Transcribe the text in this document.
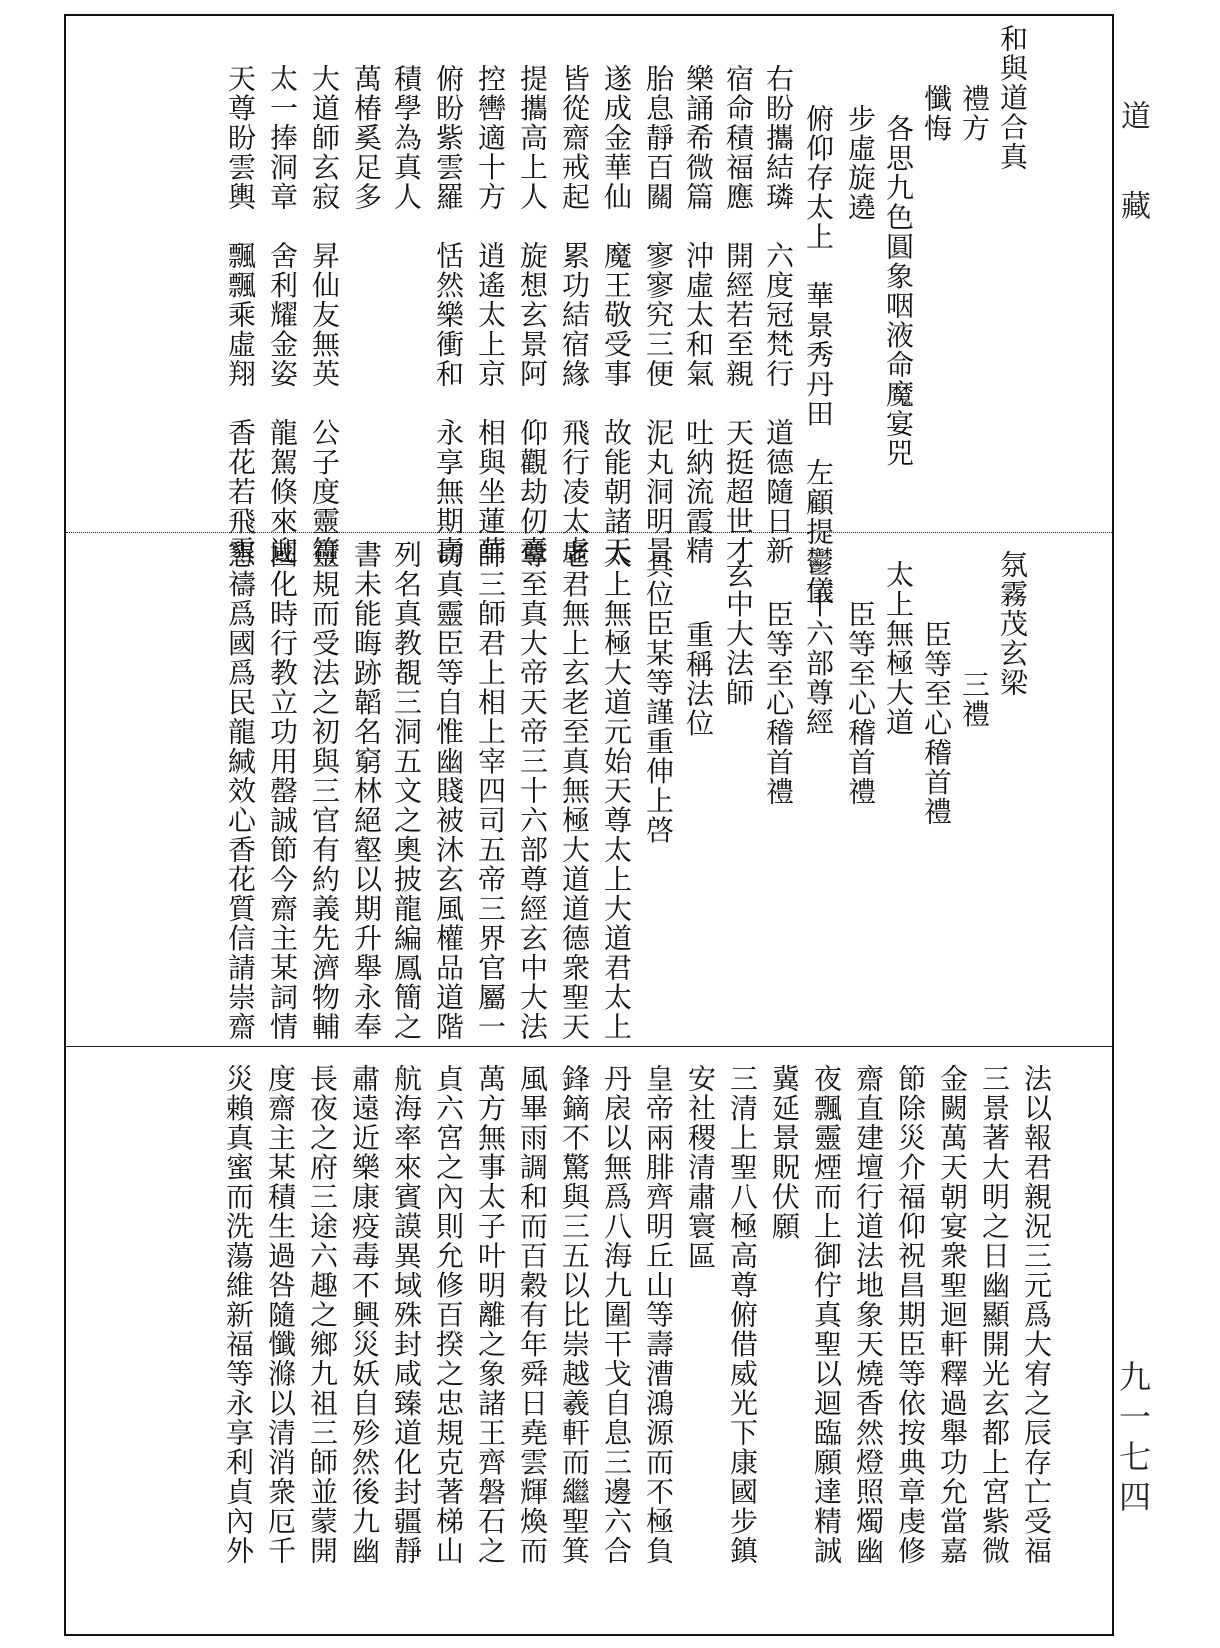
道藏
九一七四
和與道合真
禮方
懺悔
各思九色圓象咽液命魔宴兕
步虛旋遶
俯仰存太上　華景秀丹田　左顧提鬱儀
右盼攜結璘　六度冠梵行　道德隨日新
宿命積福應　開經若至親　天挺超世才
樂誦希微篇　沖虛太和氣　吐納流霞精
胎息靜百關　寥寥究三便　泥丸洞明景
遂成金華仙　魔王敬受事　故能朝諸天
皆從齋戒起　累功結宿緣　飛行凌太虛
提攜高上人　旋想玄景阿　仰觀劫仞臺
控轡適十方　逍遙太上京　相與坐蓮華
俯盼紫雲羅　恬然樂衝和　永享無期壽
積學為真人　
萬椿奚足多
大道師玄寂　昇仙友無英　公子度靈符
太一捧洞章　舍利耀金姿　龍駕倏來迎
天尊盼雲輿　飄飄乘虛翔　香花若飛雪
氛霧茂玄梁
三禮
臣等至心稽首禮
太上無極大道
臣等至心稽首禮
三十六部尊經
臣等至心稽首禮
玄中大法師
重稱法位
具位臣某等謹重伸上啓
太上無極大道元始天尊太上大道君太上
老君無上玄老至真無極大道道德衆聖天
尊至真大帝天帝三十六部尊經玄中大法
師三師君上相上宰四司五帝三界官屬一
切真靈臣等自惟幽賤被沐玄風權品道階
列名真教覩三洞五文之奧披龍編鳳簡之
書未能晦跡韜名窮林絕壑以期升舉永奉
靈規而受法之初與三官有約義先濟物輔
國化時行教立功用罄誠節今齋主某詞情
懇禱爲國爲民龍緘效心香花質信請崇齋
法以報君親況三元爲大宥之辰存亡受福
三景著大明之日幽顯開光玄都上宮紫微
金闕萬天朝宴衆聖迴軒釋過舉功允當嘉
節除災介福仰祝昌期臣等依按典章虔修
齋直建壇行道法地象天燒香然燈照燭幽
夜飄靈煙而上御佇真聖以迴臨願達精誠
冀延景貺伏願
三清上聖八極高尊俯借威光下康國步鎮
安社稷清肅寰區
皇帝兩腓齊明丘山等壽漕鴻源而不極負
丹扆以無爲八海九圍干戈自息三邊六合
鋒鏑不驚與三五以比崇越羲軒而繼聖箕
風畢雨調和而百穀有年舜日堯雲輝煥而
萬方無事太子叶明離之象諸王齊磐石之
貞六宮之內則允修百揆之忠規克著梯山
航海率來賓謨異域殊封咸臻道化封疆靜
肅遠近樂康疫毒不興災妖自殄然後九幽
長夜之府三途六趣之鄉九祖三師並蒙開
度齋主某積生過咎隨懺滌以清消衆厄千
災賴真蜜而洗蕩維新福等永享利貞內外
